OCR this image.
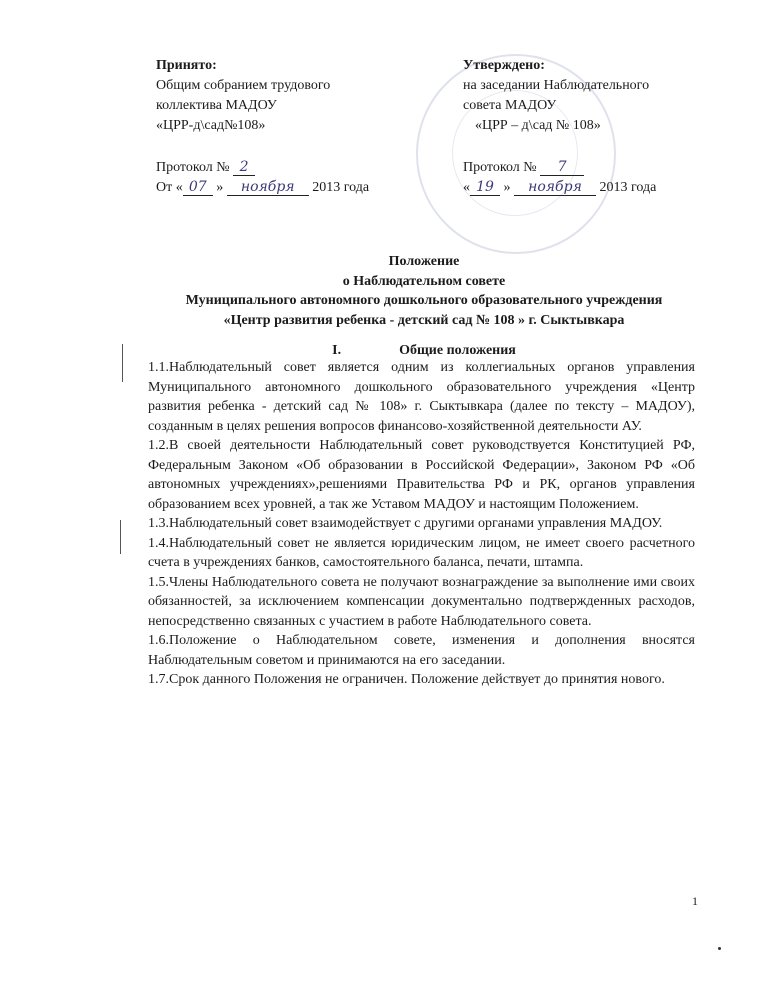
Принято:
Общим собранием трудового
коллектива МАДОУ
«ЦРР-д\сад№108»
Протокол № 2
От « 07 » ноября 2013 года
Утверждено:
на заседании Наблюдательного
совета МАДОУ
«ЦРР – д\сад № 108»
Протокол № 7
« 19 » ноября 2013 года
Положение
о Наблюдательном совете
Муниципального автономного дошкольного образовательного учреждения
«Центр развития ребенка - детский сад № 108 » г. Сыктывкара
I.	Общие положения

1.1.Наблюдательный совет является одним из коллегиальных органов управления Муниципального автономного дошкольного образовательного учреждения «Центр развития ребенка - детский сад № 108» г. Сыктывкара (далее по тексту – МАДОУ), созданным в целях решения вопросов финансово-хозяйственной деятельности АУ.

1.2.В своей деятельности Наблюдательный совет руководствуется Конституцией РФ, Федеральным Законом «Об образовании в Российской Федерации», Законом РФ «Об автономных учреждениях»,решениями Правительства РФ и РК, органов управления образованием всех уровней, а так же Уставом МАДОУ и настоящим Положением.

1.3.Наблюдательный совет взаимодействует с другими органами управления МАДОУ.

1.4.Наблюдательный совет не является юридическим лицом, не имеет своего расчетного счета в учреждениях банков, самостоятельного баланса, печати, штампа.

1.5.Члены Наблюдательного совета не получают вознаграждение за выполнение ими своих обязанностей, за исключением компенсации документально подтвержденных расходов, непосредственно связанных с участием в работе Наблюдательного совета.

1.6.Положение о Наблюдательном совете, изменения и дополнения вносятся Наблюдательным советом и принимаются на его заседании.

1.7.Срок данного Положения не ограничен. Положение действует до принятия нового.

1
